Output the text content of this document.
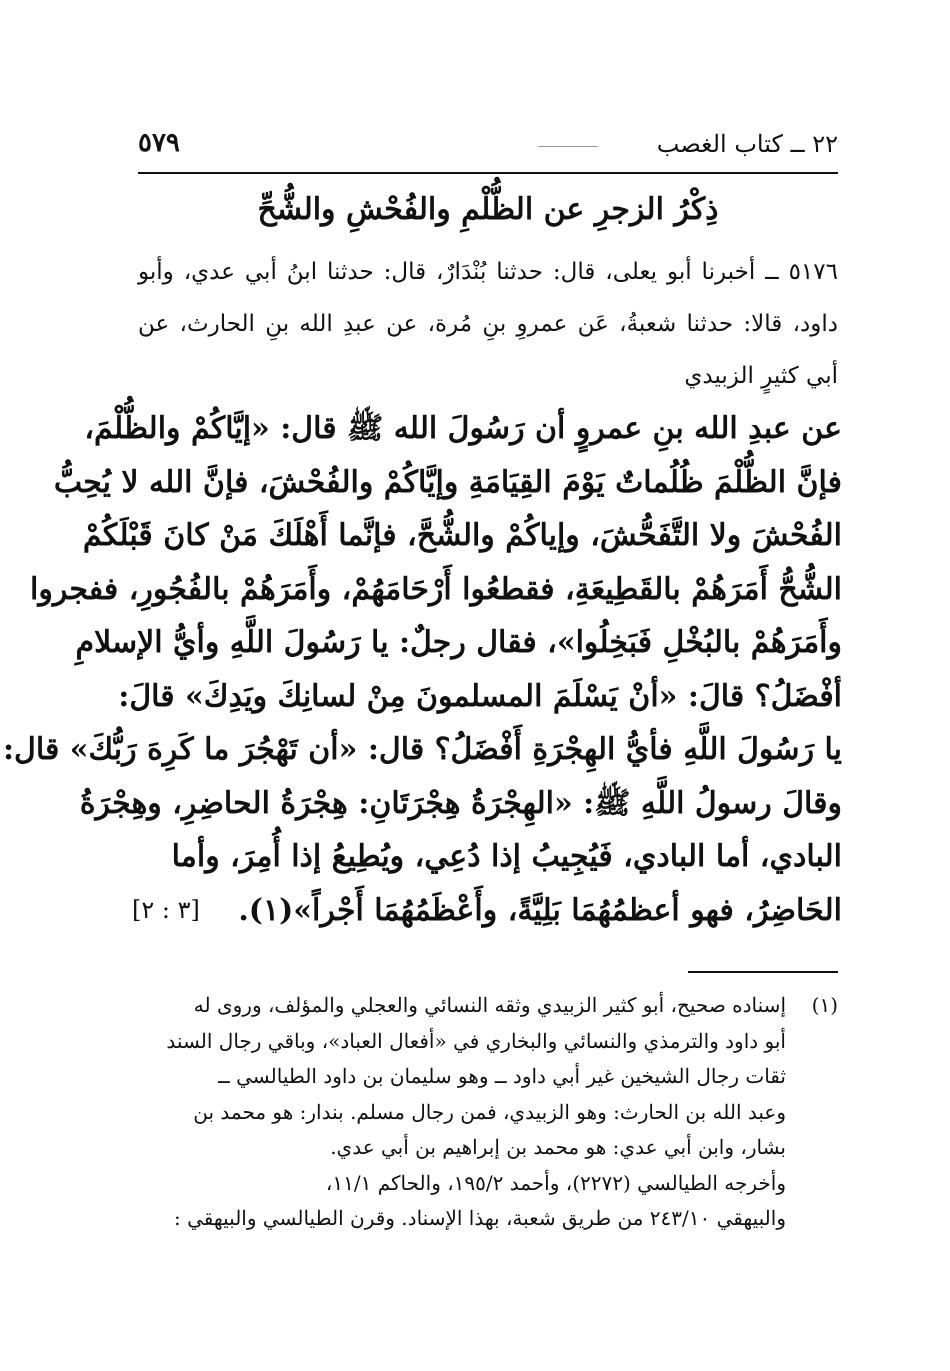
٢٢ ــ كتاب الغصب
٥٧٩
ذِكْرُ الزجرِ عن الظُّلْمِ والفُحْشِ والشُّحِّ
٥١٧٦ ــ أخبرنا أبو يعلى، قال: حدثنا بُنْدَارٌ، قال: حدثنا ابنُ أبي عدي، وأبو داود، قالا: حدثنا شعبةُ، عَن عمروِ بنِ مُرة، عن عبدِ الله بنِ الحارث، عن أبي كثيرٍ الزبيدي
عن عبدِ الله بنِ عمروٍ أن رَسُولَ الله ﷺ قال: «إيَّاكُمْ والظُّلْمَ،
فإنَّ الظُّلْمَ ظُلُماتٌ يَوْمَ القِيَامَةِ وإيَّاكُمْ والفُحْشَ، فإنَّ الله لا يُحِبُّ
الفُحْشَ ولا التَّفَحُّشَ، وإياكُمْ والشُّحَّ، فإنَّما أَهْلَكَ مَنْ كانَ قَبْلَكُمْ
الشُّحُّ أَمَرَهُمْ بالقَطِيعَةِ، فقطعُوا أَرْحَامَهُمْ، وأَمَرَهُمْ بالفُجُورِ، ففجروا
وأَمَرَهُمْ بالبُخْلِ فَبَخِلُوا»، فقال رجلٌ: يا رَسُولَ اللَّهِ وأيُّ الإسلامِ
أفْضَلُ؟ قالَ: «أنْ يَسْلَمَ المسلمونَ مِنْ لسانِكَ ويَدِكَ» قالَ:
يا رَسُولَ اللَّهِ فأيُّ الهِجْرَةِ أَفْضَلُ؟ قال: «أن تَهْجُرَ ما كَرِهَ رَبُّكَ» قال:
وقالَ رسولُ اللَّهِ ﷺ: «الهِجْرَةُ هِجْرَتَانِ: هِجْرَةُ الحاضِرِ، وهِجْرَةُ
البادي، أما البادي، فَيُجِيبُ إذا دُعِي، ويُطِيعُ إذا أُمِرَ، وأما
الحَاضِرُ، فهو أعظمُهُمَا بَلِيَّةً، وأَعْظَمُهُمَا أَجْراً»(١).
[٣ : ٢]
(١)إسناده صحيح، أبو كثير الزبيدي وثقه النسائي والعجلي والمؤلف، وروى له
أبو داود والترمذي والنسائي والبخاري في «أفعال العباد»، وباقي رجال السند
ثقات رجال الشيخين غير أبي داود ــ وهو سليمان بن داود الطيالسي ــ
وعبد الله بن الحارث: وهو الزبيدي، فمن رجال مسلم. بندار: هو محمد بن
بشار، وابن أبي عدي: هو محمد بن إبراهيم بن أبي عدي.
وأخرجه الطيالسي (٢٢٧٢)، وأحمد ١٩٥/٢، والحاكم ١١/١،
والبيهقي ٢٤٣/١٠ من طريق شعبة، بهذا الإسناد. وقرن الطيالسي والبيهقي :
